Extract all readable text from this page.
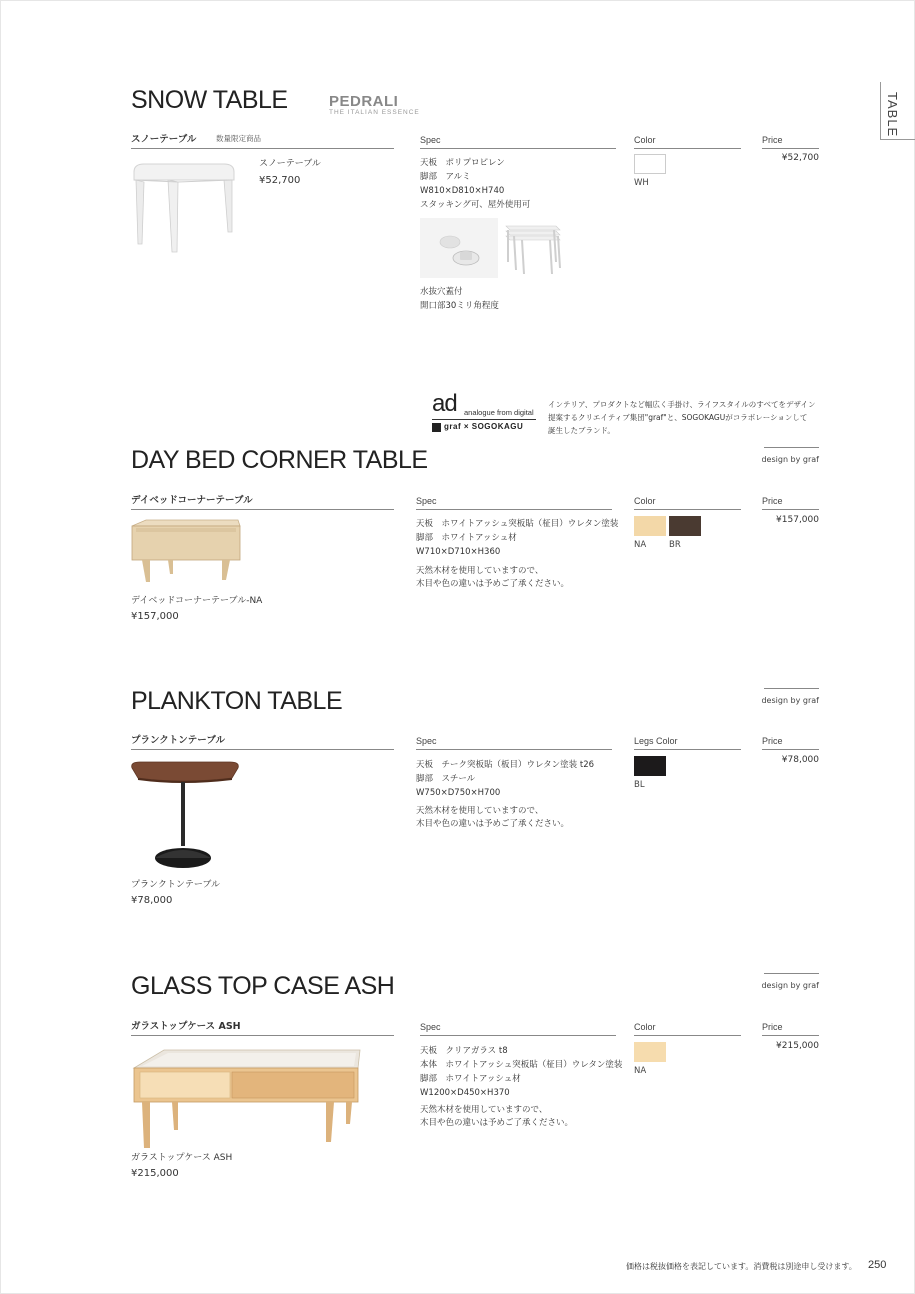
TABLE
SNOW TABLE	PEDRALI
THE ITALIAN ESSENCE
スノーテーブル	数量限定商品	Spec	Color	Price
スノーテーブル
¥52,700
天板　ポリプロピレン
脚部　アルミ
W810×D810×H740
スタッキング可、屋外使用可
水抜穴蓋付
開口部30ミリ角程度
WH
¥52,700
ad analogue from digital
graf × SOGOKAGU
インテリア、プロダクトなど幅広く手掛け、ライフスタイルのすべてをデザイン
提案するクリエイティブ集団"graf"と、SOGOKAGUがコラボレーションして
誕生したブランド。
design by graf
DAY BED CORNER TABLE
デイベッドコーナーテーブル	Spec	Color	Price
デイベッドコーナーテーブル-NA
¥157,000
天板　ホワイトアッシュ突板貼（柾目）ウレタン塗装
脚部　ホワイトアッシュ材
W710×D710×H360
天然木材を使用していますので、
木目や色の違いは予めご了承ください。
NA	BR
¥157,000
design by graf
PLANKTON TABLE
プランクトンテーブル	Spec	Legs Color	Price
プランクトンテーブル
¥78,000
天板　チーク突板貼（板目）ウレタン塗装 t26
脚部　スチール
W750×D750×H700
天然木材を使用していますので、
木目や色の違いは予めご了承ください。
BL
¥78,000
design by graf
GLASS TOP CASE ASH
ガラストップケース ASH	Spec	Color	Price
ガラストップケース ASH
¥215,000
天板　クリアガラス t8
本体　ホワイトアッシュ突板貼（柾目）ウレタン塗装
脚部　ホワイトアッシュ材
W1200×D450×H370
天然木材を使用していますので、
木目や色の違いは予めご了承ください。
NA
¥215,000
価格は税抜価格を表記しています。消費税は別途申し受けます。 250
